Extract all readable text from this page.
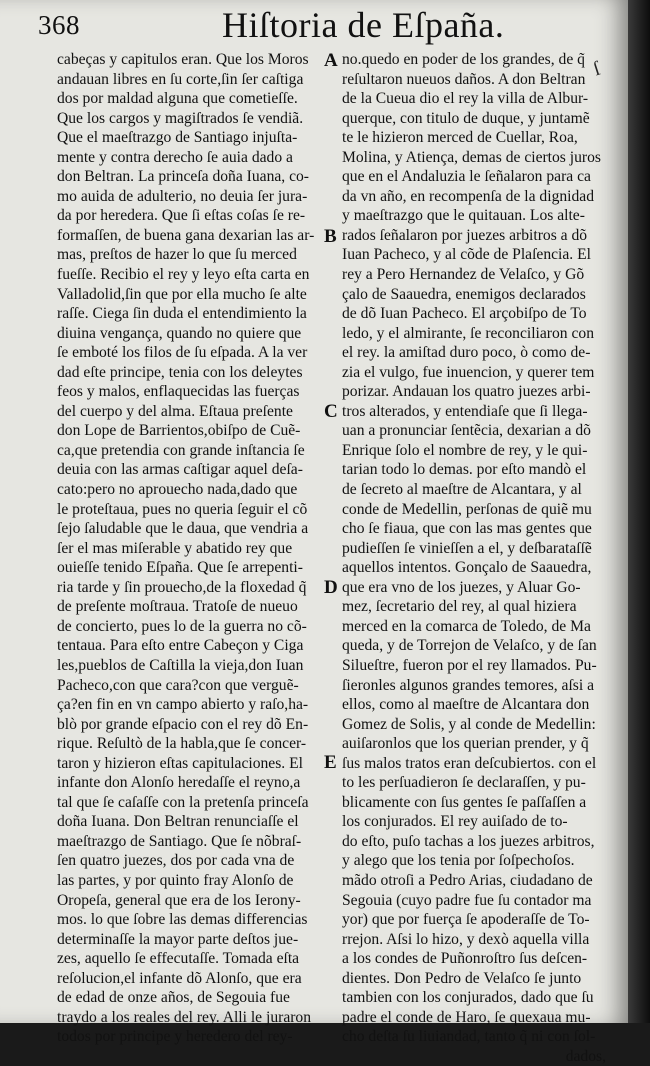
368	Hiſtoria de Eſpaña.
A
B
C
D
E
ſ
cabeças y capitulos eran. Que los Moros
andauan libres en ſu corte,ſin ſer caſtiga
dos por maldad alguna que cometieſſe.
Que los cargos y magiſtrados ſe vendiã.
Que el maeſtrazgo de Santiago injuſta-
mente y contra derecho ſe auia dado a
don Beltran. La princeſa doña Iuana, co-
mo auida de adulterio, no deuia ſer jura-
da por heredera. Que ſi eſtas coſas ſe re-
formaſſen, de buena gana dexarian las ar-
mas, preſtos de hazer lo que ſu merced
fueſſe. Recibio el rey y leyo eſta carta en
Valladolid,ſin que por ella mucho ſe alte
raſſe. Ciega ſin duda el entendimiento la
diuina vengança, quando no quiere que
ſe emboté los filos de ſu eſpada. A la ver
dad eſte principe, tenia con los deleytes
feos y malos, enflaquecidas las fuerças
del cuerpo y del alma. Eſtaua preſente
don Lope de Barrientos,obiſpo de Cuẽ-
ca,que pretendia con grande inſtancia ſe
deuia con las armas caſtigar aquel deſa-
cato:pero no aprouecho nada,dado que
le proteſtaua, pues no queria ſeguir el cõ
ſejo ſaludable que le daua, que vendria a
ſer el mas miſerable y abatido rey que
ouieſſe tenido Eſpaña. Que ſe arrepenti-
ria tarde y ſin prouecho,de la floxedad q̃
de preſente moſtraua. Tratoſe de nueuo
de concierto, pues lo de la guerra no cõ-
tentaua. Para eſto entre Cabeçon y Ciga
les,pueblos de Caſtilla la vieja,don Iuan
Pacheco,con que cara?con que verguẽ-
ça?en fin en vn campo abierto y raſo,ha-
blò por grande eſpacio con el rey dõ En-
rique. Reſultò de la habla,que ſe concer-
taron y hizieron eſtas capitulaciones. El
infante don Alonſo heredaſſe el reyno,a
tal que ſe caſaſſe con la pretenſa princeſa
doña Iuana. Don Beltran renunciaſſe el
maeſtrazgo de Santiago. Que ſe nõbraſ-
ſen quatro juezes, dos por cada vna de
las partes, y por quinto fray Alonſo de
Oropeſa, general que era de los Ierony-
mos. lo que ſobre las demas differencias
determinaſſe la mayor parte deſtos jue-
zes, aquello ſe effecutaſſe. Tomada eſta
reſolucion,el infante dõ Alonſo, que era
de edad de onze años, de Segouia fue
traydo a los reales del rey. Alli le juraron
todos por principe y heredero del rey-
no.quedo en poder de los grandes, de q̃
reſultaron nueuos daños. A don Beltran
de la Cueua dio el rey la villa de Albur-
querque, con titulo de duque, y juntamẽ
te le hizieron merced de Cuellar, Roa,
Molina, y Atiença, demas de ciertos juros
que en el Andaluzia le ſeñalaron para ca
da vn año, en recompenſa de la dignidad
y maeſtrazgo que le quitauan. Los alte-
rados ſeñalaron por juezes arbitros a dõ
Iuan Pacheco, y al cõde de Plaſencia. El
rey a Pero Hernandez de Velaſco, y Gõ
çalo de Saauedra, enemigos declarados
de dõ Iuan Pacheco. El arçobiſpo de To
ledo, y el almirante, ſe reconciliaron con
el rey. la amiſtad duro poco, ò como de-
zia el vulgo, fue inuencion, y querer tem
porizar. Andauan los quatro juezes arbi-
tros alterados, y entendiaſe que ſi llega-
uan a pronunciar ſentẽcia, dexarian a dõ
Enrique ſolo el nombre de rey, y le qui-
tarian todo lo demas. por eſto mandò el
de ſecreto al maeſtre de Alcantara, y al
conde de Medellin, perſonas de quiẽ mu
cho ſe fiaua, que con las mas gentes que
pudieſſen ſe vinieſſen a el, y deſbarataſſẽ
aquellos intentos. Gonçalo de Saauedra,
que era vno de los juezes, y Aluar Go-
mez, ſecretario del rey, al qual hiziera
merced en la comarca de Toledo, de Ma
queda, y de Torrejon de Velaſco, y de ſan
Silueſtre, fueron por el rey llamados. Pu-
ſieronles algunos grandes temores, aſsi a
ellos, como al maeſtre de Alcantara don
Gomez de Solis, y al conde de Medellin:
auiſaronlos que los querian prender, y q̃
ſus malos tratos eran deſcubiertos. con el
to les perſuadieron ſe declaraſſen, y pu-
blicamente con ſus gentes ſe paſſaſſen a
los conjurados. El rey auiſado de to-
do eſto, puſo tachas a los juezes arbitros,
y alego que los tenia por ſoſpechoſos.
mãdo otroſi a Pedro Arias, ciudadano de
Segouia (cuyo padre fue ſu contador ma
yor) que por fuerça ſe apoderaſſe de To-
rrejon. Aſsi lo hizo, y dexò aquella villa
a los condes de Puñonroſtro ſus deſcen-
dientes. Don Pedro de Velaſco ſe junto
tambien con los conjurados, dado que ſu
padre el conde de Haro, ſe quexaua mu-
cho deſta ſu liuiandad, tanto q̃ ni con ſol-
dados,
